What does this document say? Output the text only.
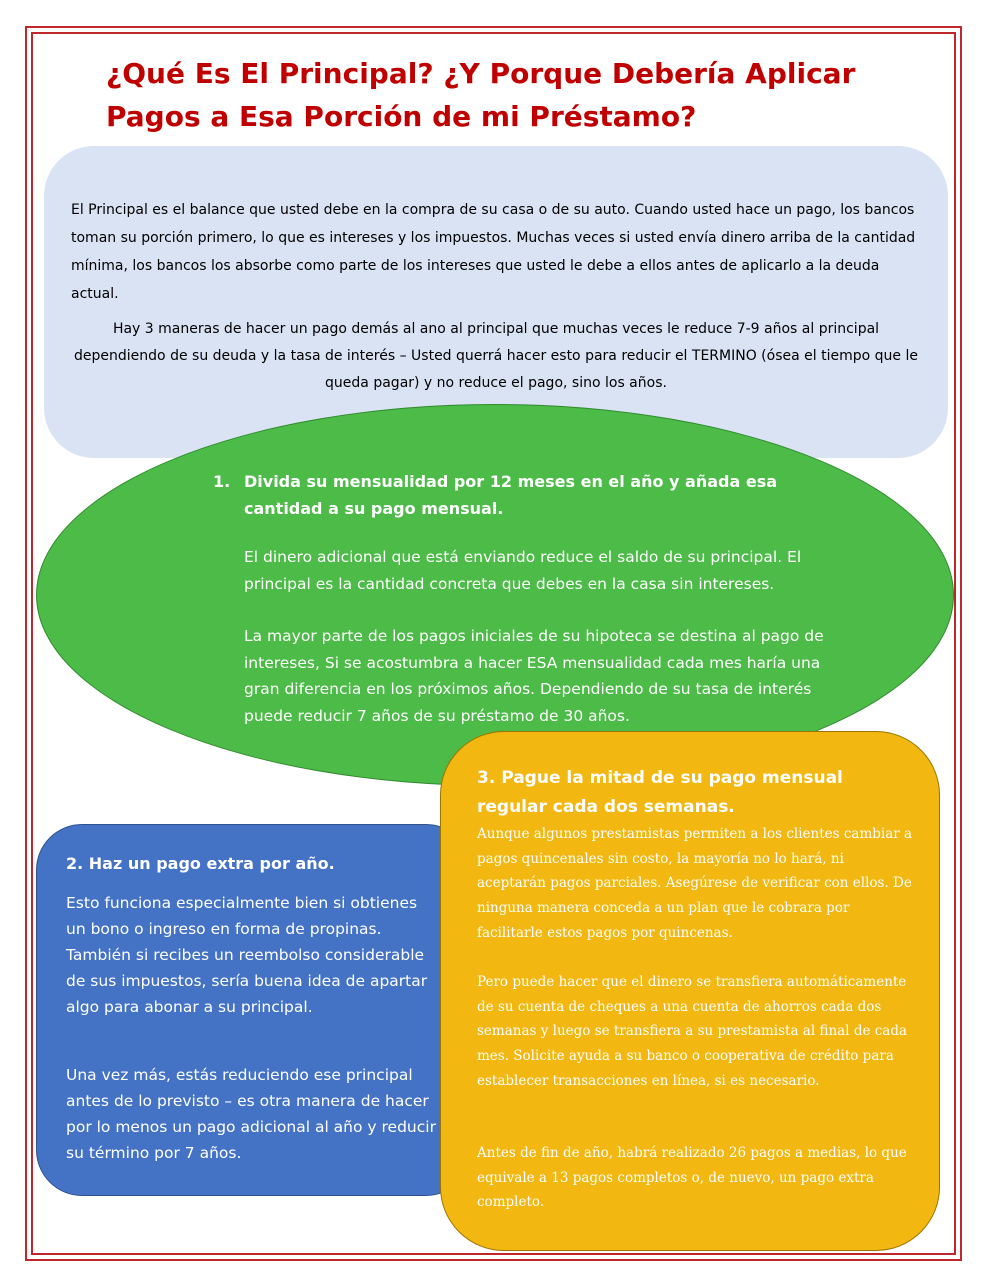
¿Qué Es El Principal? ¿Y Porque Debería Aplicar Pagos a Esa Porción de mi Préstamo?

El Principal es el balance que usted debe en la compra de su casa o de su auto. Cuando usted hace un pago, los bancos toman su porción primero, lo que es intereses y los impuestos. Muchas veces si usted envía dinero arriba de la cantidad mínima, los bancos los absorbe como parte de los intereses que usted le debe a ellos antes de aplicarlo a la deuda actual.

Hay 3 maneras de hacer un pago demás al ano al principal que muchas veces le reduce 7-9 años al principal dependiendo de su deuda y la tasa de interés – Usted querrá hacer esto para reducir el TERMINO (ósea el tiempo que le queda pagar) y no reduce el pago, sino los años.

1. Divida su mensualidad por 12 meses en el año y añada esa cantidad a su pago mensual.

El dinero adicional que está enviando reduce el saldo de su principal. El principal es la cantidad concreta que debes en la casa sin intereses.

La mayor parte de los pagos iniciales de su hipoteca se destina al pago de intereses, Si se acostumbra a hacer ESA mensualidad cada mes haría una gran diferencia en los próximos años. Dependiendo de su tasa de interés puede reducir 7 años de su préstamo de 30 años.

2. Haz un pago extra por año.

Esto funciona especialmente bien si obtienes un bono o ingreso en forma de propinas. También si recibes un reembolso considerable de sus impuestos, sería buena idea de apartar algo para abonar a su principal.

Una vez más, estás reduciendo ese principal antes de lo previsto – es otra manera de hacer por lo menos un pago adicional al año y reducir su término por 7 años.

3. Pague la mitad de su pago mensual regular cada dos semanas.

Aunque algunos prestamistas permiten a los clientes cambiar a pagos quincenales sin costo, la mayoría no lo hará, ni aceptarán pagos parciales. Asegúrese de verificar con ellos. De ninguna manera conceda a un plan que le cobrara por facilitarle estos pagos por quincenas.

Pero puede hacer que el dinero se transfiera automáticamente de su cuenta de cheques a una cuenta de ahorros cada dos semanas y luego se transfiera a su prestamista al final de cada mes. Solicite ayuda a su banco o cooperativa de crédito para establecer transacciones en línea, si es necesario.

Antes de fin de año, habrá realizado 26 pagos a medias, lo que equivale a 13 pagos completos o, de nuevo, un pago extra completo.
